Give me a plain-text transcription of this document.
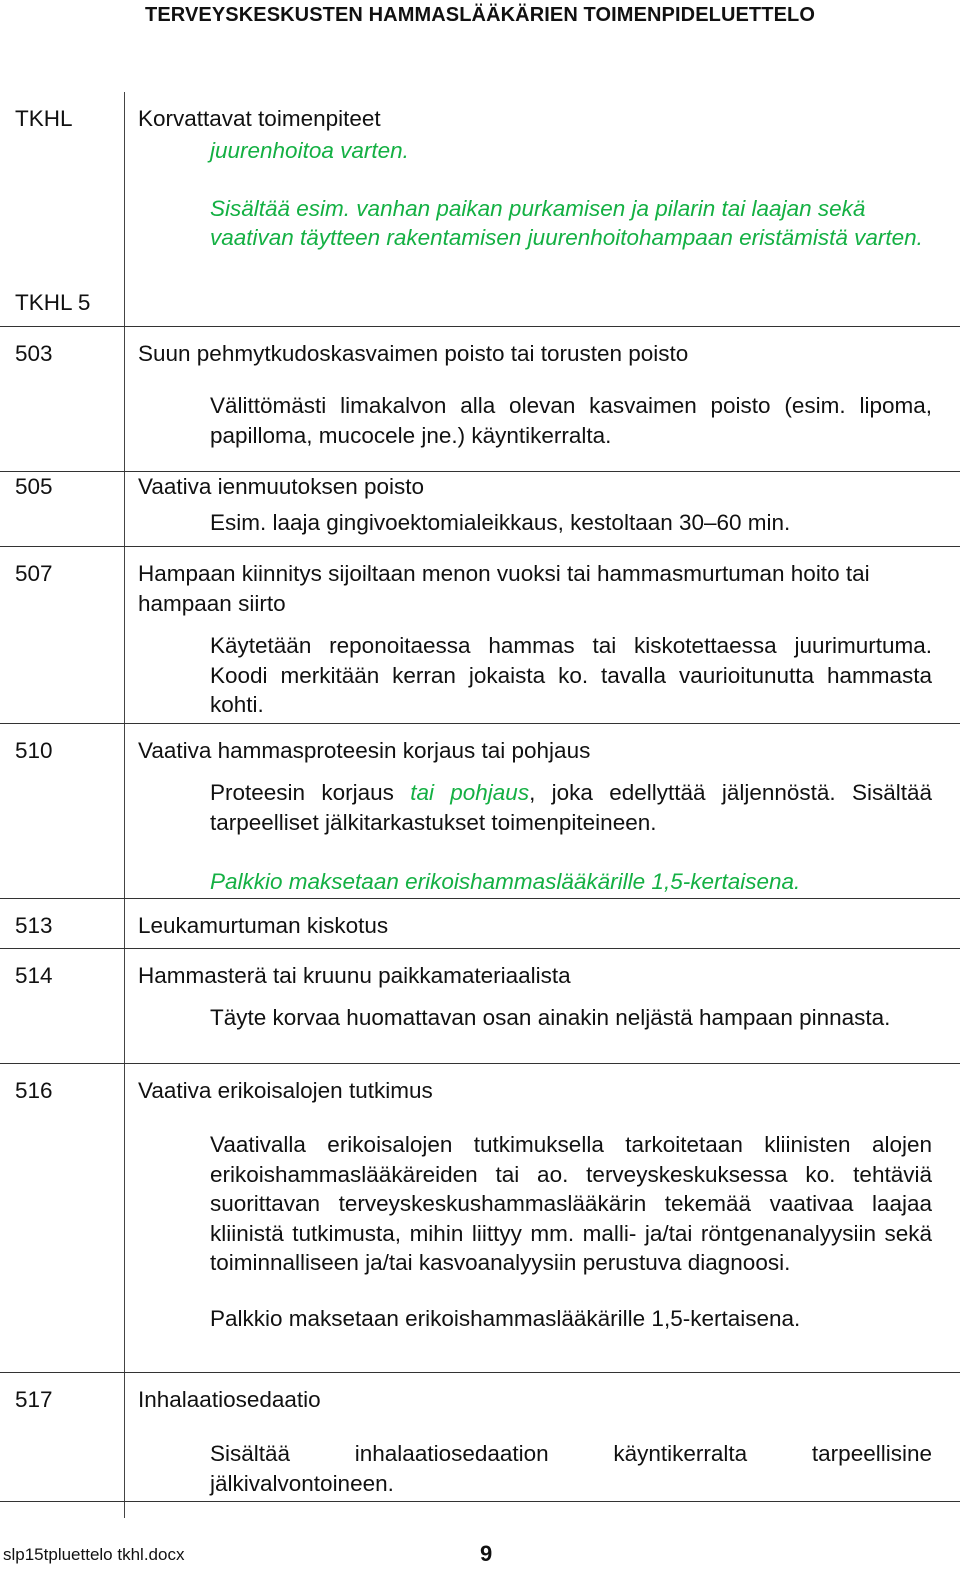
TERVEYSKESKUSTEN HAMMASLÄÄKÄRIEN TOIMENPIDELUETTELO
TKHL	Korvattavat toimenpiteet
juurenhoitoa varten.
Sisältää esim. vanhan paikan purkamisen ja pilarin tai laajan sekä vaativan täytteen rakentamisen juurenhoitohampaan eristämistä varten.
TKHL 5
503	Suun pehmytkudoskasvaimen poisto tai torusten poisto
Välittömästi limakalvon alla olevan kasvaimen poisto (esim. lipoma, papilloma, mucocele jne.) käyntikerralta.
505	Vaativa ienmuutoksen poisto
Esim. laaja gingivoektomialeikkaus, kestoltaan 30–60 min.
507	Hampaan kiinnitys sijoiltaan menon vuoksi tai hammasmurtuman hoito tai hampaan siirto
Käytetään reponoitaessa hammas tai kiskotettaessa juurimurtuma. Koodi merkitään kerran jokaista ko. tavalla vaurioitunutta hammasta kohti.
510	Vaativa hammasproteesin korjaus tai pohjaus
Proteesin korjaus tai pohjaus, joka edellyttää jäljennöstä. Sisältää tarpeelliset jälkitarkastukset toimenpiteineen.
Palkkio maksetaan erikoishammaslääkärille 1,5-kertaisena.
513	Leukamurtuman kiskotus
514	Hammasterä tai kruunu paikkamateriaalista
Täyte korvaa huomattavan osan ainakin neljästä hampaan pinnasta.
516	Vaativa erikoisalojen tutkimus
Vaativalla erikoisalojen tutkimuksella tarkoitetaan kliinisten alojen erikoishammaslääkäreiden tai ao. terveyskeskuksessa ko. tehtäviä suorittavan terveyskeskushammaslääkärin tekemää vaativaa laajaa kliinistä tutkimusta, mihin liittyy mm. malli- ja/tai röntgenanalyysiin sekä toiminnalliseen ja/tai kasvoanalyysiin perustuva diagnoosi.
Palkkio maksetaan erikoishammaslääkärille 1,5-kertaisena.
517	Inhalaatiosedaatio
Sisältää inhalaatiosedaation käyntikerralta tarpeellisine jälkivalvontoineen.
slp15tpluettelo tkhl.docx	9
